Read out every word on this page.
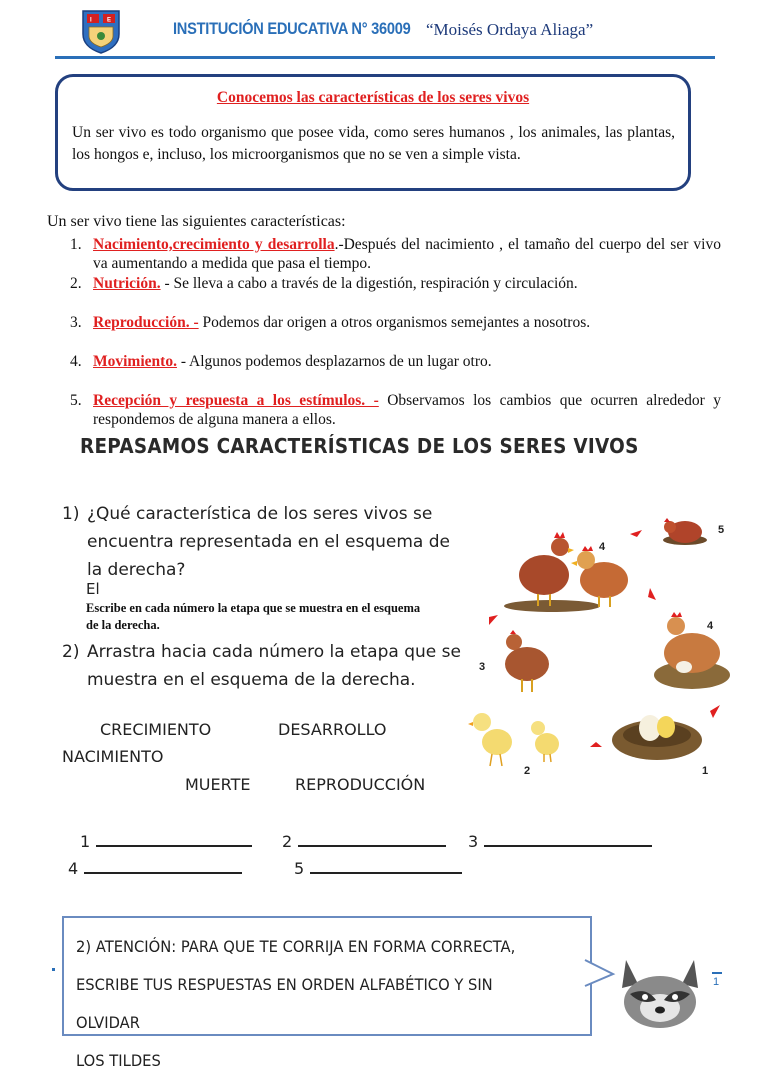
I	E	INSTITUCIÓN EDUCATIVA N° 36009 “Moisés Ordaya Aliaga”
Conocemos las características de los seres vivos
Un ser vivo es todo organismo que posee vida, como seres humanos , los animales, las plantas, los hongos e, incluso, los microorganismos que no se ven a simple vista.
Un ser vivo tiene las siguientes características:
1. Nacimiento,crecimiento y desarrolla.-Después del nacimiento , el tamaño del cuerpo del ser vivo va aumentando a medida que pasa el tiempo.
2. Nutrición. - Se lleva a cabo a través de la digestión, respiración y circulación.
3. Reproducción. - Podemos dar origen a otros organismos semejantes a nosotros.
4. Movimiento. - Algunos podemos desplazarnos de un lugar otro.
5. Recepción y respuesta a los estímulos. - Observamos los cambios que ocurren alrededor y respondemos de alguna manera a ellos.
REPASAMOS CARACTERÍSTICAS DE LOS SERES VIVOS
1) ¿Qué característica de los seres vivos se encuentra representada en el esquema de la derecha?
El
Escribe en cada número la etapa que se muestra en el esquema de la derecha.
2) Arrastra hacia cada número la etapa que se muestra en el esquema de la derecha.
CRECIMIENTO	DESARROLLO
NACIMIENTO
MUERTE	REPRODUCCIÓN
1	2	3
4	5
1
2
3
4
4
5
2) ATENCIÓN: PARA QUE TE CORRIJA EN FORMA CORRECTA,
ESCRIBE TUS RESPUESTAS EN ORDEN ALFABÉTICO Y SIN OLVIDAR
LOS TILDES
1
